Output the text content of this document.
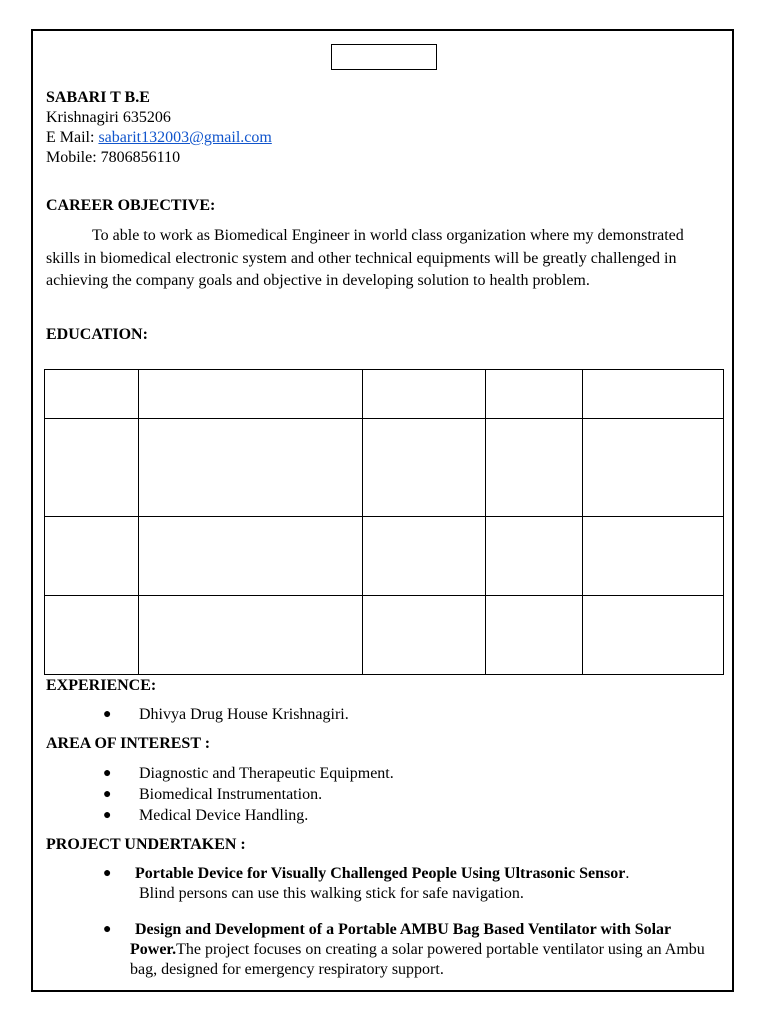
SABARI T B.E
Krishnagiri 635206
E Mail: sabarit132003@gmail.com
Mobile: 7806856110
CAREER OBJECTIVE:
To able to work as Biomedical Engineer in world class organization where my demonstrated skills in biomedical electronic system and other technical equipments will be greatly challenged in achieving the company goals and objective in developing solution to health problem.
EDUCATION:

EXPERIENCE:
● Dhivya Drug House Krishnagiri.
AREA OF INTEREST :
● Diagnostic and Therapeutic Equipment.
● Biomedical Instrumentation.
● Medical Device Handling.
PROJECT UNDERTAKEN :
● Portable Device for Visually Challenged People Using Ultrasonic Sensor.
Blind persons can use this walking stick for safe navigation.
●	Design and Development of a Portable AMBU Bag Based Ventilator with Solar Power.The project focuses on creating a solar powered portable ventilator using an Ambu bag, designed for emergency respiratory support.
